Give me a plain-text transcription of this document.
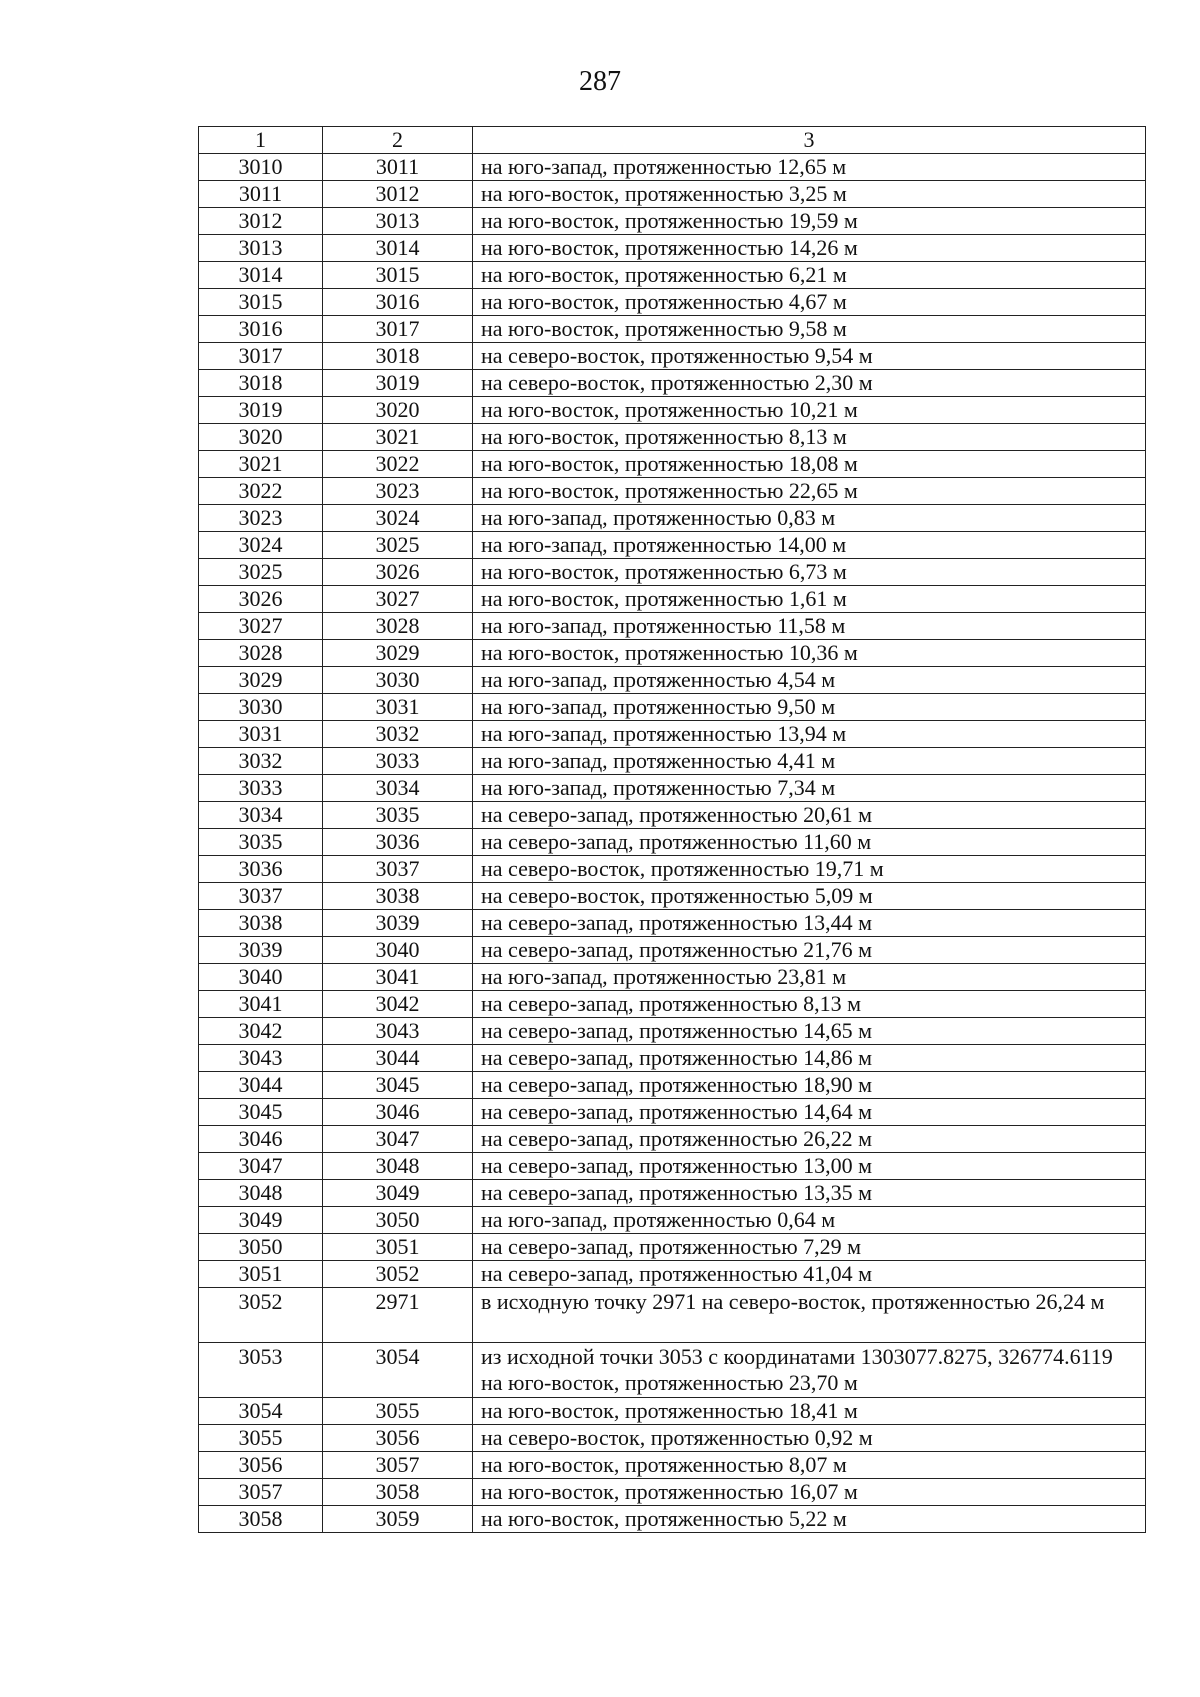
287
1	2	3
3010	3011	на юго-запад, протяженностью 12,65 м
3011	3012	на юго-восток, протяженностью 3,25 м
3012	3013	на юго-восток, протяженностью 19,59 м
3013	3014	на юго-восток, протяженностью 14,26 м
3014	3015	на юго-восток, протяженностью 6,21 м
3015	3016	на юго-восток, протяженностью 4,67 м
3016	3017	на юго-восток, протяженностью 9,58 м
3017	3018	на северо-восток, протяженностью 9,54 м
3018	3019	на северо-восток, протяженностью 2,30 м
3019	3020	на юго-восток, протяженностью 10,21 м
3020	3021	на юго-восток, протяженностью 8,13 м
3021	3022	на юго-восток, протяженностью 18,08 м
3022	3023	на юго-восток, протяженностью 22,65 м
3023	3024	на юго-запад, протяженностью 0,83 м
3024	3025	на юго-запад, протяженностью 14,00 м
3025	3026	на юго-восток, протяженностью 6,73 м
3026	3027	на юго-восток, протяженностью 1,61 м
3027	3028	на юго-запад, протяженностью 11,58 м
3028	3029	на юго-восток, протяженностью 10,36 м
3029	3030	на юго-запад, протяженностью 4,54 м
3030	3031	на юго-запад, протяженностью 9,50 м
3031	3032	на юго-запад, протяженностью 13,94 м
3032	3033	на юго-запад, протяженностью 4,41 м
3033	3034	на юго-запад, протяженностью 7,34 м
3034	3035	на северо-запад, протяженностью 20,61 м
3035	3036	на северо-запад, протяженностью 11,60 м
3036	3037	на северо-восток, протяженностью 19,71 м
3037	3038	на северо-восток, протяженностью 5,09 м
3038	3039	на северо-запад, протяженностью 13,44 м
3039	3040	на северо-запад, протяженностью 21,76 м
3040	3041	на юго-запад, протяженностью 23,81 м
3041	3042	на северо-запад, протяженностью 8,13 м
3042	3043	на северо-запад, протяженностью 14,65 м
3043	3044	на северо-запад, протяженностью 14,86 м
3044	3045	на северо-запад, протяженностью 18,90 м
3045	3046	на северо-запад, протяженностью 14,64 м
3046	3047	на северо-запад, протяженностью 26,22 м
3047	3048	на северо-запад, протяженностью 13,00 м
3048	3049	на северо-запад, протяженностью 13,35 м
3049	3050	на юго-запад, протяженностью 0,64 м
3050	3051	на северо-запад, протяженностью 7,29 м
3051	3052	на северо-запад, протяженностью 41,04 м
3052	2971	в исходную точку 2971 на северо-восток, протяженностью 26,24 м
3053	3054	из исходной точки 3053 с координатами 1303077.8275, 326774.6119 на юго-восток, протяженностью 23,70 м
3054	3055	на юго-восток, протяженностью 18,41 м
3055	3056	на северо-восток, протяженностью 0,92 м
3056	3057	на юго-восток, протяженностью 8,07 м
3057	3058	на юго-восток, протяженностью 16,07 м
3058	3059	на юго-восток, протяженностью 5,22 м
